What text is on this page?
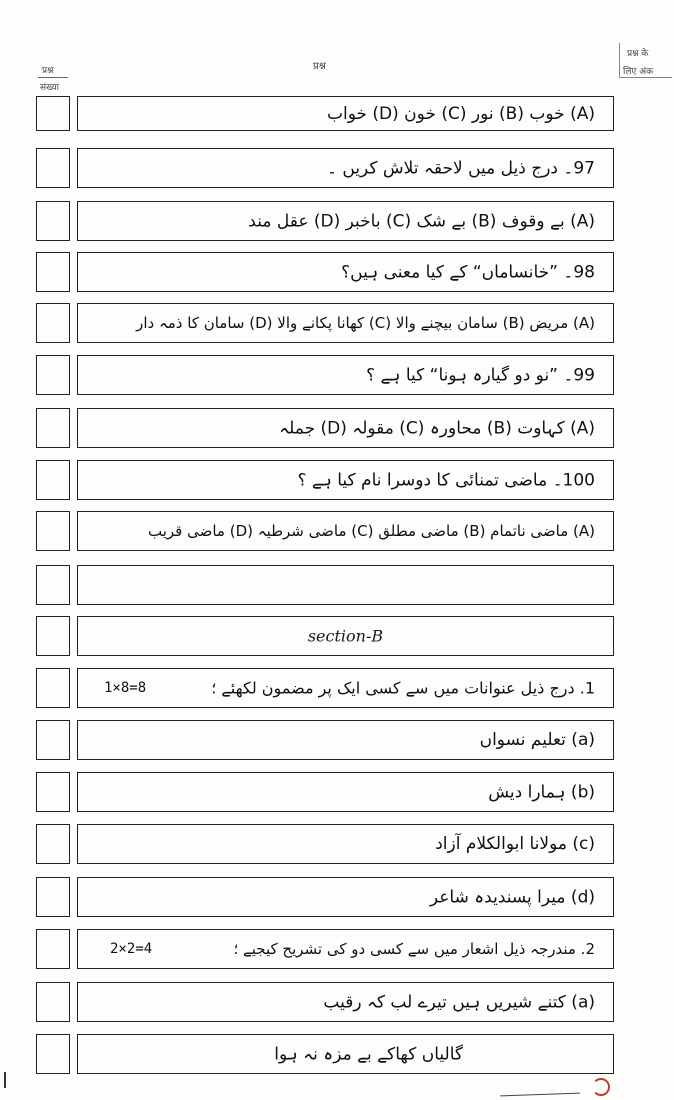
प्रश्न
संख्या
प्रश्न
प्रश्न के
लिए अंक
(A) خوب (B) نور (C) خون (D) خواب
97۔ درج ذیل میں لاحقہ تلاش کریں ۔
(A) بے وقوف (B) بے شک (C) باخبر (D) عقل مند
98۔ ”خانساماں“ کے کیا معنی ہیں؟
(A) مریض (B) سامان بیچنے والا (C) کھانا پکانے والا (D) سامان کا ذمہ دار
99۔ ”نو دو گیارہ ہونا“ کیا ہے ؟
(A) کہاوت (B) محاورہ (C) مقولہ (D) جملہ
100۔ ماضی تمنائی کا دوسرا نام کیا ہے ؟
(A) ماضی ناتمام (B) ماضی مطلق (C) ماضی شرطیہ (D) ماضی قریب
section-B
1×8=8	1. درج ذیل عنوانات میں سے کسی ایک پر مضمون لکھئے ؛
(a) تعلیم نسواں
(b) ہمارا دیش
(c) مولانا ابوالکلام آزاد
(d) میرا پسندیدہ شاعر
2×2=4	2. مندرجہ ذیل اشعار میں سے کسی دو کی تشریح کیجیے ؛
(a) کتنے شیریں ہیں تیرے لب کہ رقیب
گالیاں کھاکے بے مزہ نہ ہوا
